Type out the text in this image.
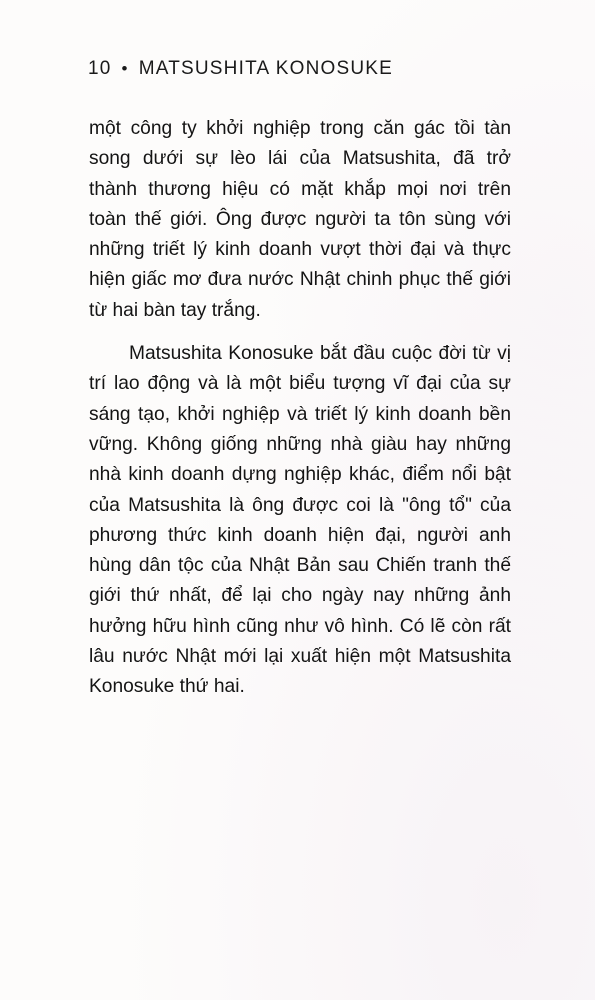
10 • MATSUSHITA KONOSUKE
một công ty khởi nghiệp trong căn gác tồi tàn
song dưới sự lèo lái của Matsushita, đã trở
thành thương hiệu có mặt khắp mọi nơi trên
toàn thế giới. Ông được người ta tôn sùng với
những triết lý kinh doanh vượt thời đại và thực
hiện giấc mơ đưa nước Nhật chinh phục thế giới
từ hai bàn tay trắng.
Matsushita Konosuke bắt đầu cuộc đời từ vị
trí lao động và là một biểu tượng vĩ đại của sự
sáng tạo, khởi nghiệp và triết lý kinh doanh bền
vững. Không giống những nhà giàu hay những
nhà kinh doanh dựng nghiệp khác, điểm nổi bật
của Matsushita là ông được coi là "ông tổ" của
phương thức kinh doanh hiện đại, người anh
hùng dân tộc của Nhật Bản sau Chiến tranh thế
giới thứ nhất, để lại cho ngày nay những ảnh
hưởng hữu hình cũng như vô hình. Có lẽ còn rất
lâu nước Nhật mới lại xuất hiện một Matsushita
Konosuke thứ hai.
